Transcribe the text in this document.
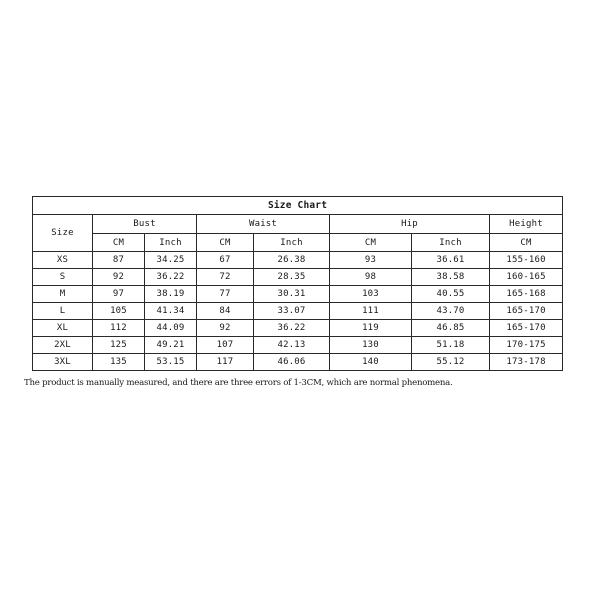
Size Chart							
Size	Bust		Waist		Hip		Height
	CM	Inch	CM	Inch	CM	Inch	CM
XS	87	34.25	67	26.38	93	36.61	155-160
S	92	36.22	72	28.35	98	38.58	160-165
M	97	38.19	77	30.31	103	40.55	165-168
L	105	41.34	84	33.07	111	43.70	165-170
XL	112	44.09	92	36.22	119	46.85	165-170
2XL	125	49.21	107	42.13	130	51.18	170-175
3XL	135	53.15	117	46.06	140	55.12	173-178
The product is manually measured, and there are three errors of 1-3CM, which are normal phenomena.
